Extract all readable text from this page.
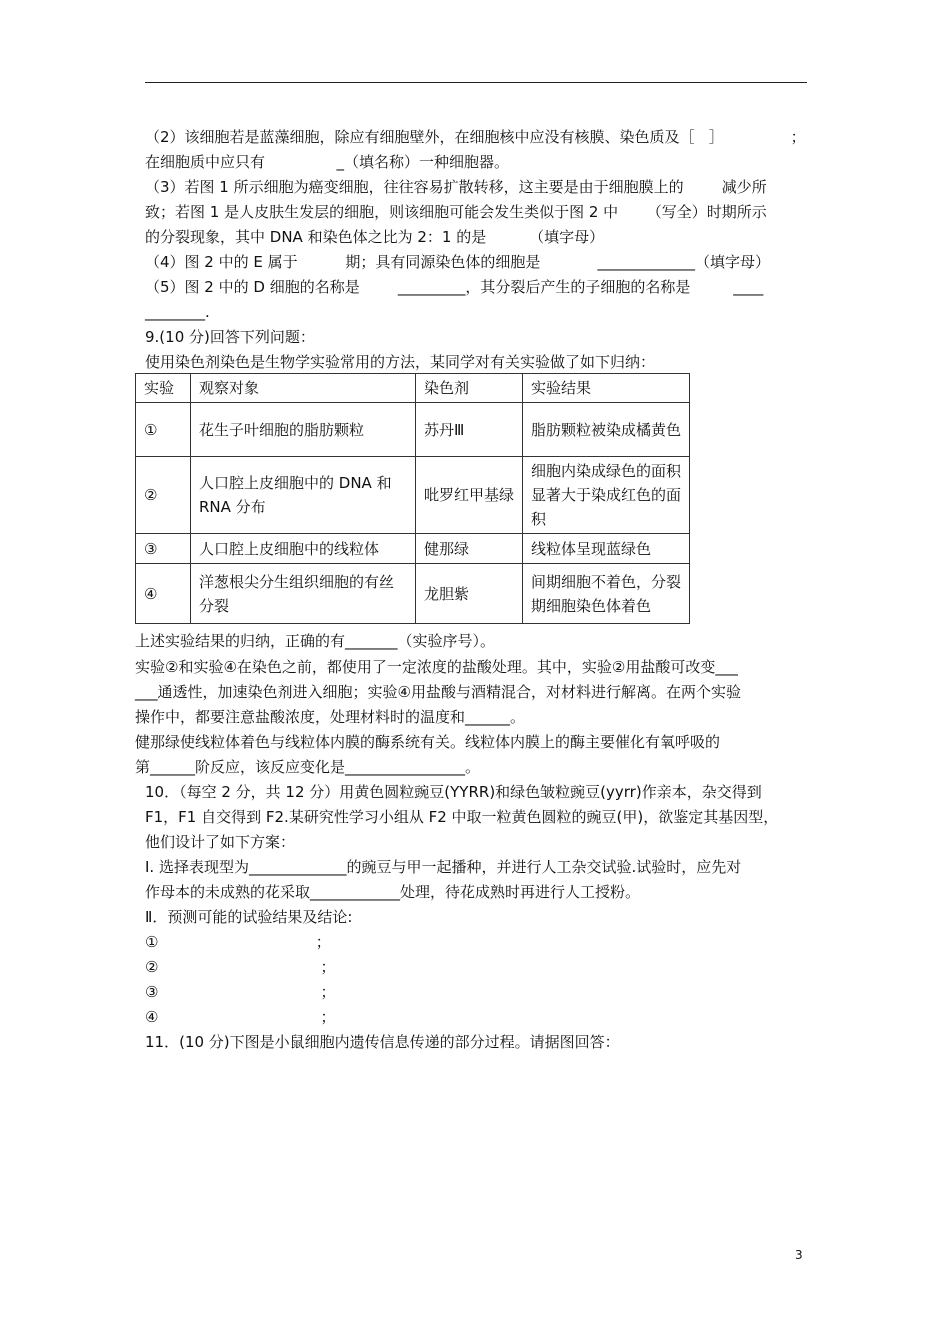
（2）该细胞若是蓝藻细胞，除应有细胞壁外，在细胞核中应没有核膜、染色质及［   ］              ；
在细胞质中应只有               _（填名称）一种细胞器。
（3）若图 1 所示细胞为癌变细胞，往往容易扩散转移，这主要是由于细胞膜上的        减少所
致；若图 1 是人皮肤生发层的细胞，则该细胞可能会发生类似于图 2 中      （写全）时期所示
的分裂现象，其中 DNA 和染色体之比为 2：1 的是         （填字母）
（4）图 2 中的 E 属于          期；具有同源染色体的细胞是            _____________（填字母）
（5）图 2 中的 D 细胞的名称是        _________，其分裂后产生的子细胞的名称是         ____
________.
9.(10 分)回答下列问题：
使用染色剂染色是生物学实验常用的方法，某同学对有关实验做了如下归纳：
实验	观察对象	染色剂	实验结果
①	花生子叶细胞的脂肪颗粒	苏丹Ⅲ	脂肪颗粒被染成橘黄色
②	人口腔上皮细胞中的 DNA 和 RNA 分布	吡罗红甲基绿	细胞内染成绿色的面积显著大于染成红色的面积
③	人口腔上皮细胞中的线粒体	健那绿	线粒体呈现蓝绿色
④	洋葱根尖分生组织细胞的有丝分裂	龙胆紫	间期细胞不着色，分裂期细胞染色体着色
上述实验结果的归纳，正确的有_______（实验序号）。
实验②和实验④在染色之前，都使用了一定浓度的盐酸处理。其中，实验②用盐酸可改变___
___通透性，加速染色剂进入细胞；实验④用盐酸与酒精混合，对材料进行解离。在两个实验
操作中，都要注意盐酸浓度，处理材料时的温度和______。
健那绿使线粒体着色与线粒体内膜的酶系统有关。线粒体内膜上的酶主要催化有氧呼吸的
第______阶反应，该反应变化是________________。
10．（每空 2 分，共 12 分）用黄色圆粒豌豆(YYRR)和绿色皱粒豌豆(yyrr)作亲本，杂交得到
F1，F1 自交得到 F2.某研究性学习小组从 F2 中取一粒黄色圆粒的豌豆(甲)，欲鉴定其基因型，
他们设计了如下方案：
Ⅰ. 选择表现型为_____________的豌豆与甲一起播种，并进行人工杂交试验.试验时，应先对
作母本的未成熟的花采取____________处理，待花成熟时再进行人工授粉。
Ⅱ．预测可能的试验结果及结论:
①                                 ；
②                                  ；
③                                  ；
④                                  ；
11．(10 分)下图是小鼠细胞内遗传信息传递的部分过程。请据图回答：
3
